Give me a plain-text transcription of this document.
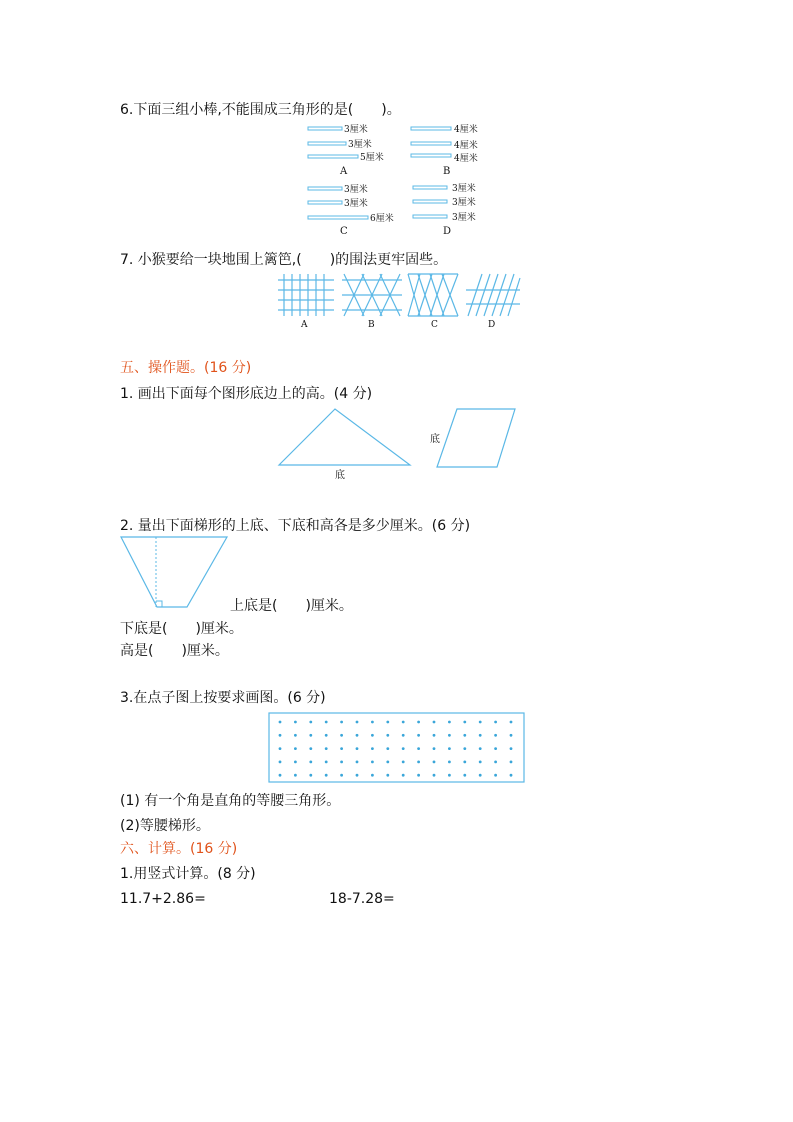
6.下面三组小棒,不能围成三角形的是(　　)。
3厘米
3厘米
5厘米
4厘米
4厘米
4厘米
3厘米
3厘米
6厘米
3厘米
3厘米
3厘米
A	B
C	D
7. 小猴要给一块地围上篱笆,(　　)的围法更牢固些。
A	B	C	D
五、操作题。(16 分)
1. 画出下面每个图形底边上的高。(4 分)
底
底
2. 量出下面梯形的上底、下底和高各是多少厘米。(6 分)
上底是(　　)厘米。
下底是(　　)厘米。
高是(　　)厘米。
3.在点子图上按要求画图。(6 分)
(1) 有一个角是直角的等腰三角形。
(2)等腰梯形。
六、计算。(16 分)
1.用竖式计算。(8 分)
11.7+2.86=	18-7.28=
